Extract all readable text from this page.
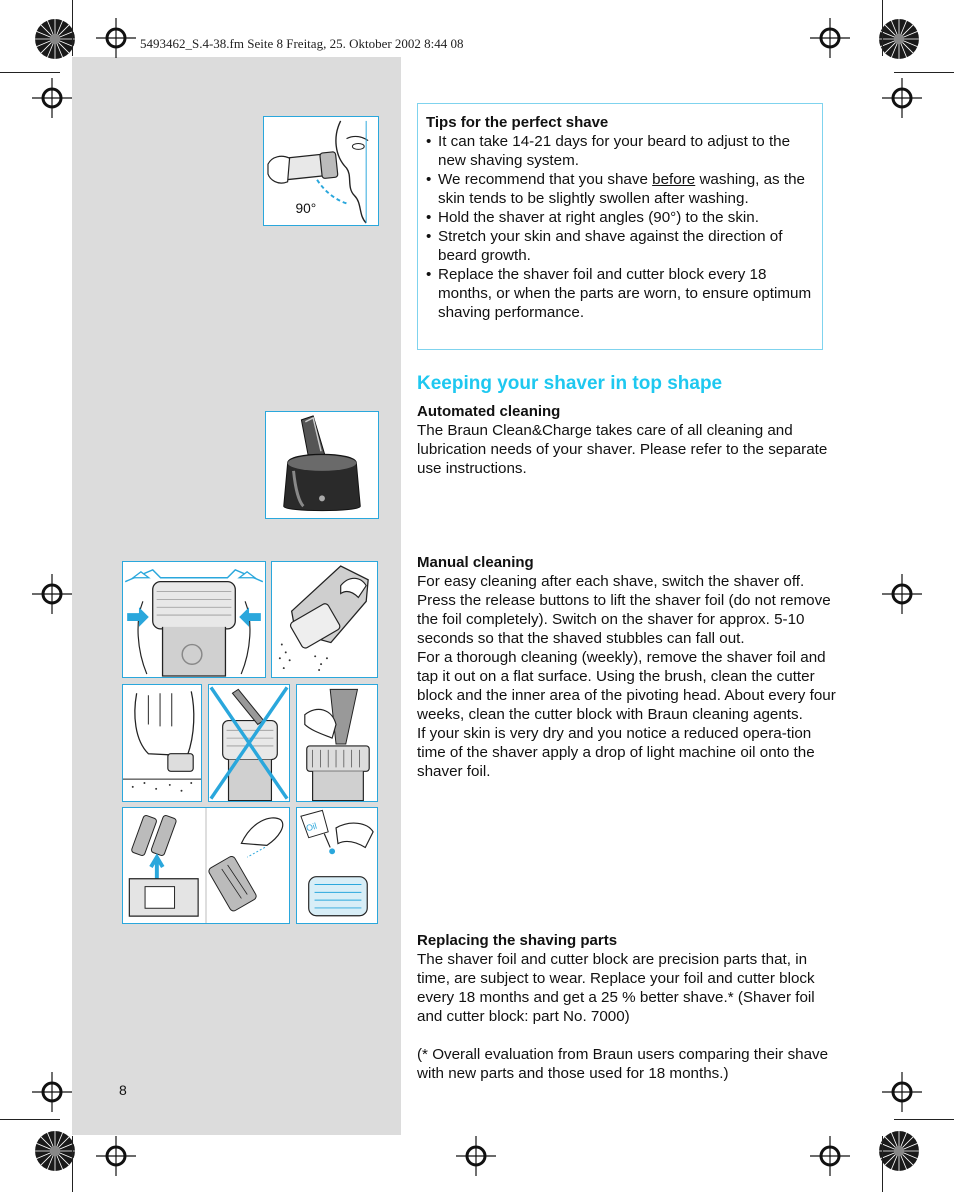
5493462_S.4-38.fm Seite 8 Freitag, 25. Oktober 2002 8:44 08
90°
Oil
Tips for the perfect shave
• It can take 14-21 days for your beard to adjust to the new shaving system.
• We recommend that you shave before washing, as the skin tends to be slightly swollen after washing.
• Hold the shaver at right angles (90°) to the skin.
• Stretch your skin and shave against the direction of beard growth.
• Replace the shaver foil and cutter block every 18 months, or when the parts are worn, to ensure optimum shaving performance.
Keeping your shaver in top shape
Automated cleaning

The Braun Clean&Charge takes care of all cleaning and lubrication needs of your shaver. Please refer to the separate use instructions.

Manual cleaning

For easy cleaning after each shave, switch the shaver off. Press the release buttons to lift the shaver foil (do not remove the foil completely). Switch on the shaver for approx. 5-10 seconds so that the shaved stubbles can fall out.

For a thorough cleaning (weekly), remove the shaver foil and tap it out on a flat surface. Using the brush, clean the cutter block and the inner area of the pivoting head. About every four weeks, clean the cutter block with Braun cleaning agents.

If your skin is very dry and you notice a reduced opera-tion time of the shaver apply a drop of light machine oil onto the shaver foil.

Replacing the shaving parts

The shaver foil and cutter block are precision parts that, in time, are subject to wear. Replace your foil and cutter block every 18 months and get a 25 % better shave.* (Shaver foil and cutter block: part No. 7000)

(* Overall evaluation from Braun users comparing their shave with new parts and those used for 18 months.)

8
